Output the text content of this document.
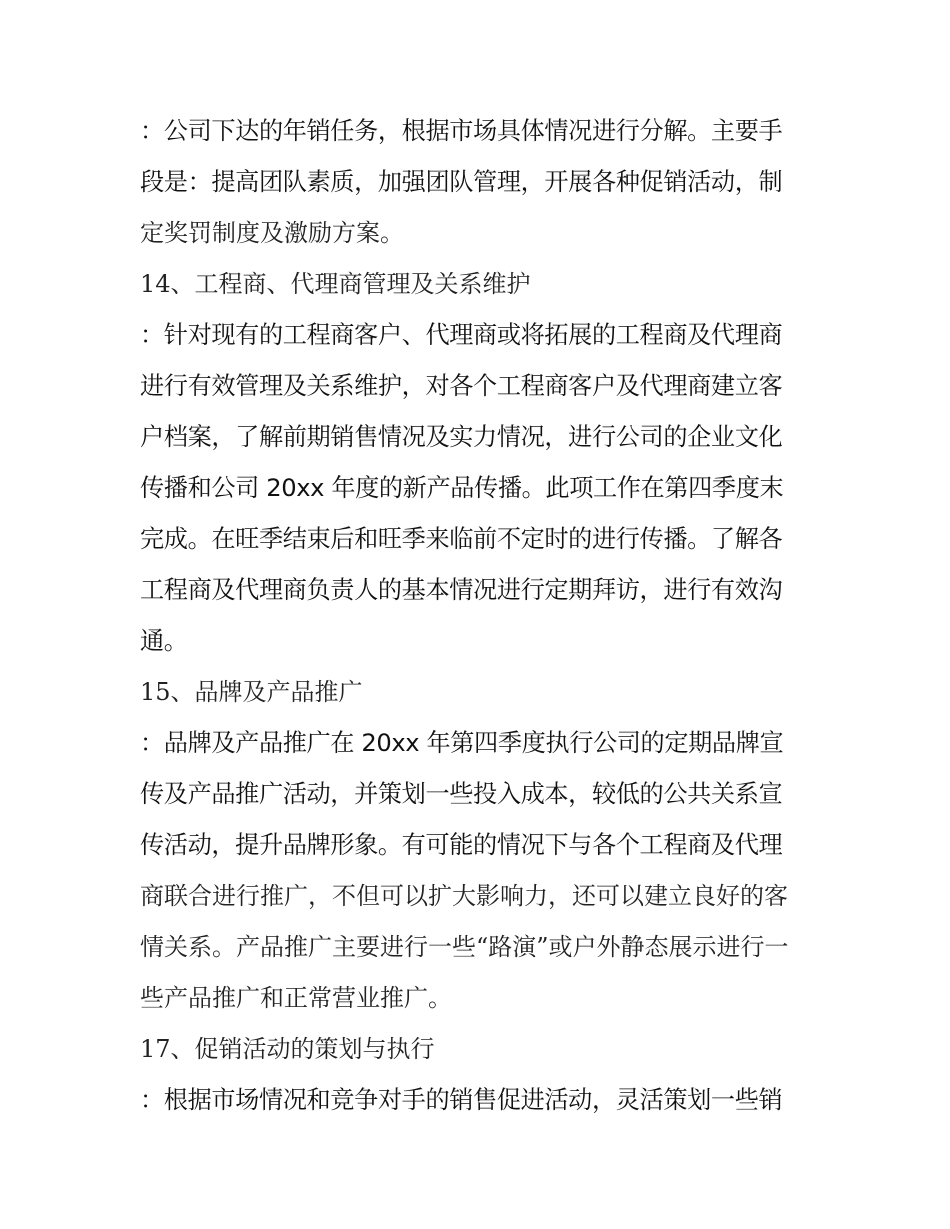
：公司下达的年销任务，根据市场具体情况进行分解。主要手
段是：提高团队素质，加强团队管理，开展各种促销活动，制
定奖罚制度及激励方案。
14、工程商、代理商管理及关系维护
：针对现有的工程商客户、代理商或将拓展的工程商及代理商
进行有效管理及关系维护，对各个工程商客户及代理商建立客
户档案，了解前期销售情况及实力情况，进行公司的企业文化
传播和公司 20xx 年度的新产品传播。此项工作在第四季度末
完成。在旺季结束后和旺季来临前不定时的进行传播。了解各
工程商及代理商负责人的基本情况进行定期拜访，进行有效沟
通。
15、品牌及产品推广
：品牌及产品推广在 20xx 年第四季度执行公司的定期品牌宣
传及产品推广活动，并策划一些投入成本，较低的公共关系宣
传活动，提升品牌形象。有可能的情况下与各个工程商及代理
商联合进行推广，不但可以扩大影响力，还可以建立良好的客
情关系。产品推广主要进行一些“路演”或户外静态展示进行一
些产品推广和正常营业推广。
17、促销活动的策划与执行
：根据市场情况和竞争对手的销售促进活动，灵活策划一些销
